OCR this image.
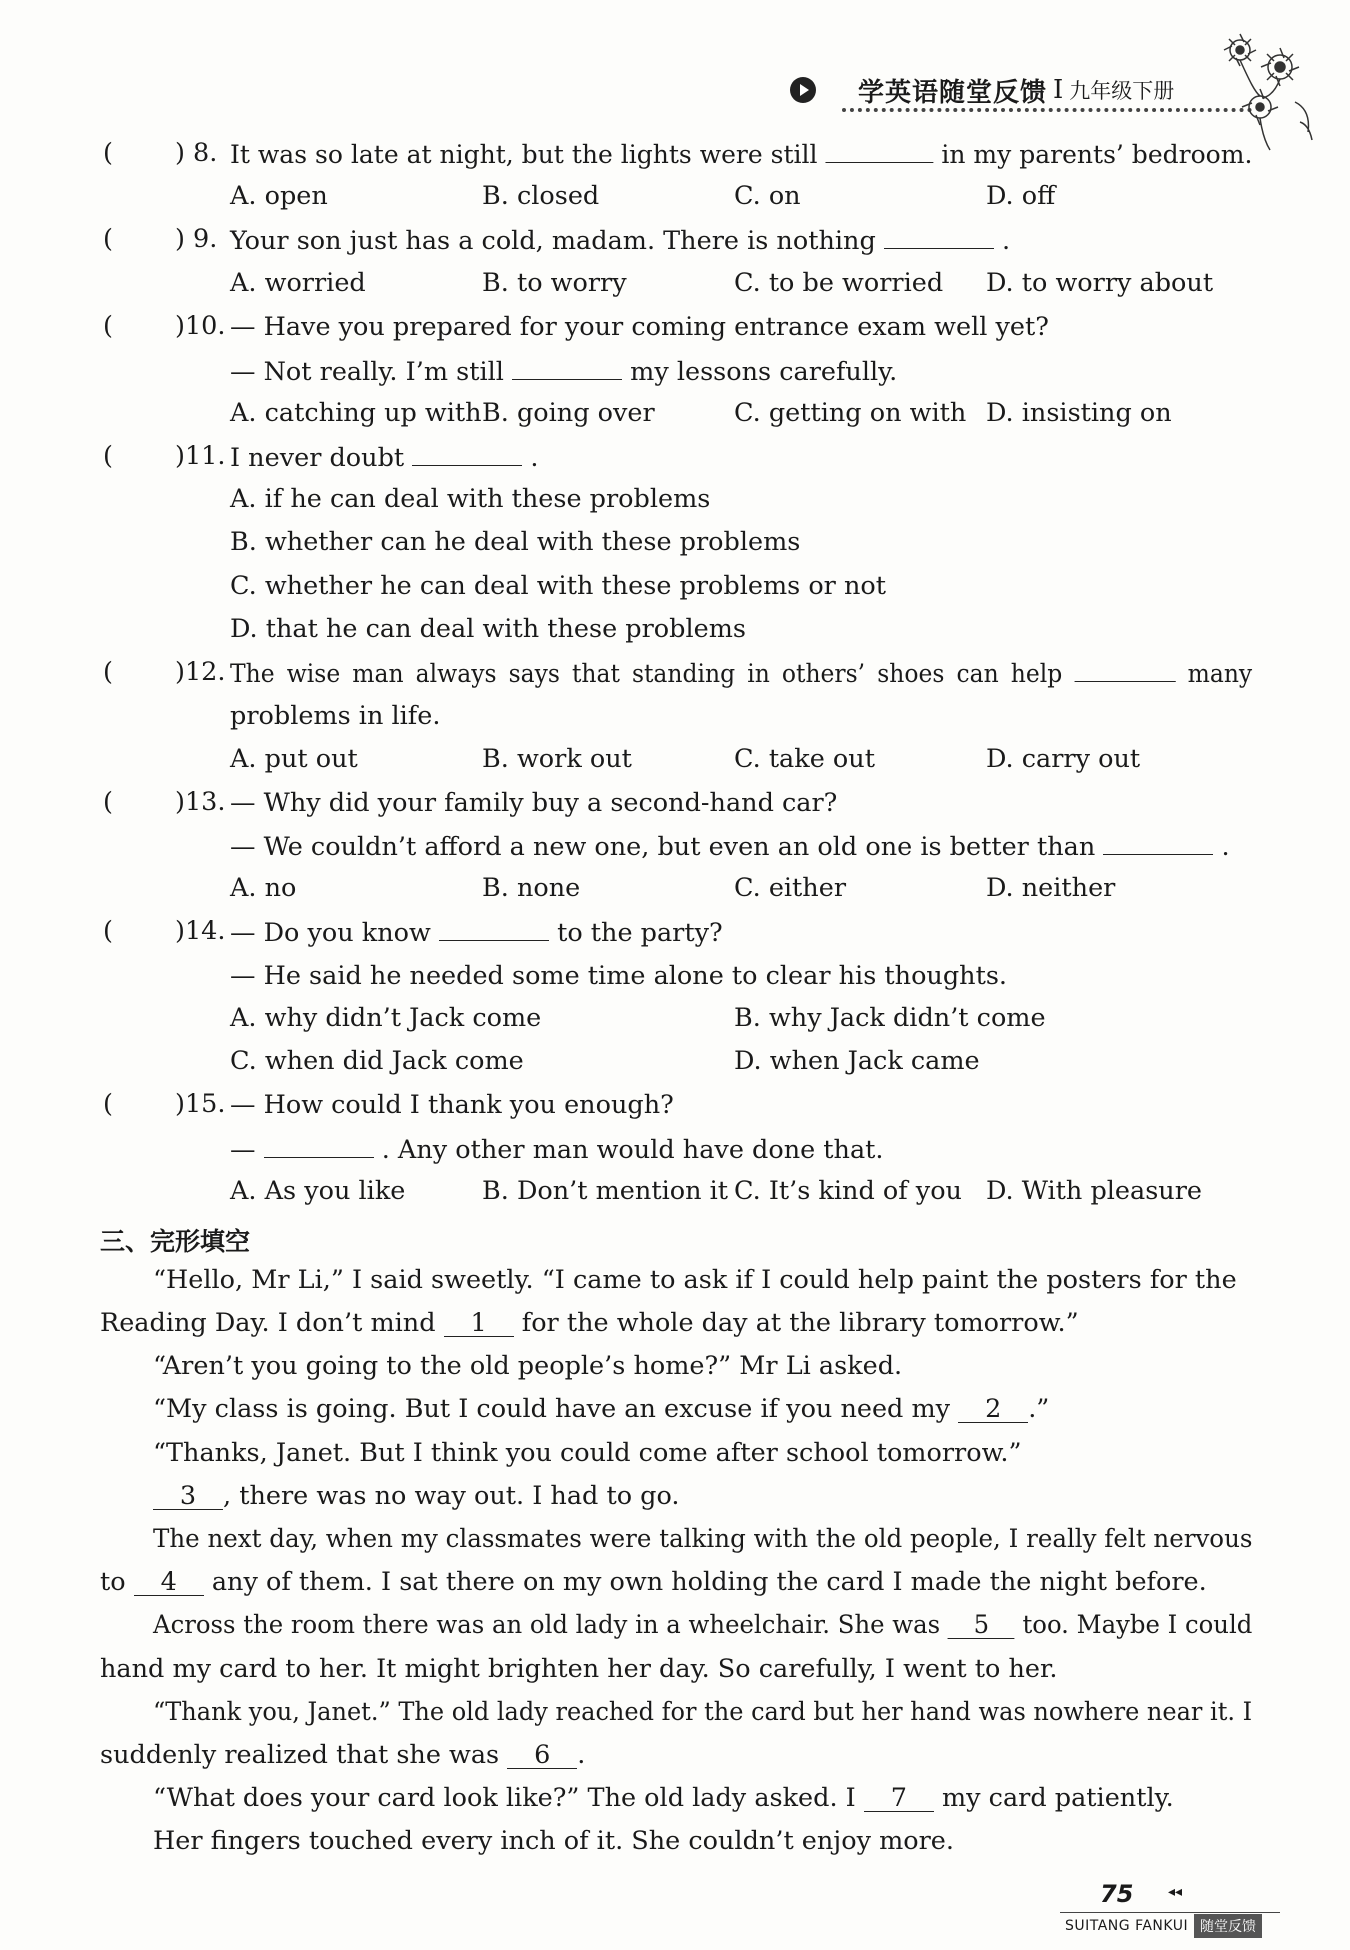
学英语随堂反馈 I 九年级下册
( ) 8. It was so late at night, but the lights were still	in my parents’ bedroom.
A. open	B. closed	C. on	D. off
( ) 9. Your son just has a cold, madam. There is nothing	.
A. worried	B. to worry	C. to be worried D. to worry about
( )10. — Have you prepared for your coming entrance exam well yet?
— Not really. I’m still	my lessons carefully.
A. catching up with B. going over	C. getting on with D. insisting on
( )11. I never doubt	.
A. if he can deal with these problems
B. whether can he deal with these problems
C. whether he can deal with these problems or not
D. that he can deal with these problems
( )12. The wise man always says that standing in others’ shoes can help	many
problems in life.
A. put out	B. work out	C. take out	D. carry out
( )13. — Why did your family buy a second-hand car?
— We couldn’t afford a new one, but even an old one is better than	.
A. no	B. none	C. either	D. neither
( )14. — Do you know	to the party?
— He said he needed some time alone to clear his thoughts.
A. why didn’t Jack come	B. why Jack didn’t come
C. when did Jack come	D. when Jack came
( )15. — How could I thank you enough?
—	. Any other man would have done that.
A. As you like	B. Don’t mention it C. It’s kind of you D. With pleasure
三、完形填空
“Hello, Mr Li,” I said sweetly. “I came to ask if I could help paint the posters for the
Reading Day. I don’t mind 1 for the whole day at the library tomorrow.”
“Aren’t you going to the old people’s home?” Mr Li asked.
“My class is going. But I could have an excuse if you need my 2 .”
“Thanks, Janet. But I think you could come after school tomorrow.”
3 , there was no way out. I had to go.
The next day, when my classmates were talking with the old people, I really felt nervous
to 4 any of them. I sat there on my own holding the card I made the night before.
Across the room there was an old lady in a wheelchair. She was 5 too. Maybe I could
hand my card to her. It might brighten her day. So carefully, I went to her.
“Thank you, Janet.” The old lady reached for the card but her hand was nowhere near it. I
suddenly realized that she was 6 .
“What does your card look like?” The old lady asked. I 7 my card patiently.
Her fingers touched every inch of it. She couldn’t enjoy more.
75 ◂◂
SUITANG FANKUI 随堂反馈
